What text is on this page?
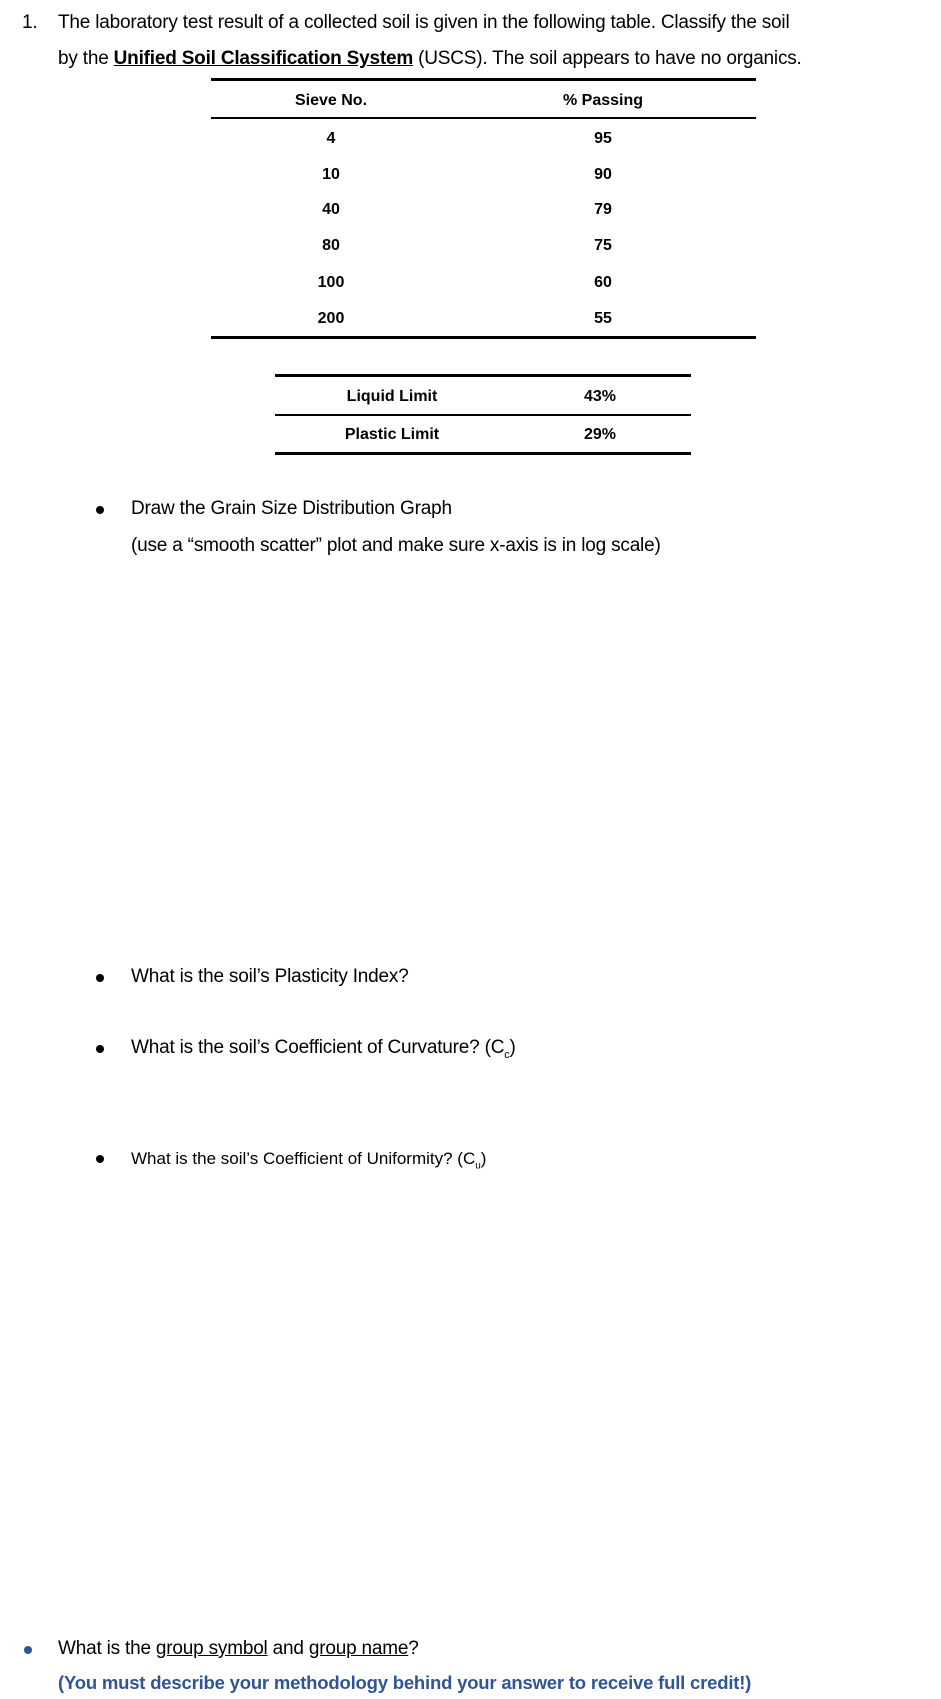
1. The laboratory test result of a collected soil is given in the following table. Classify the soil
by the Unified Soil Classification System (USCS). The soil appears to have no organics.
Sieve No.	% Passing
4	95
10	90
40	79
80	75
100	60
200	55
Liquid Limit	43%
Plastic Limit	29%
Draw the Grain Size Distribution Graph
(use a “smooth scatter” plot and make sure x-axis is in log scale)
What is the soil’s Plasticity Index?
What is the soil’s Coefficient of Curvature? $(C_c)$
What is the soil’s Coefficient of Uniformity? $(C_u)$
What is the group symbol and group name?
(You must describe your methodology behind your answer to receive full credit!)
